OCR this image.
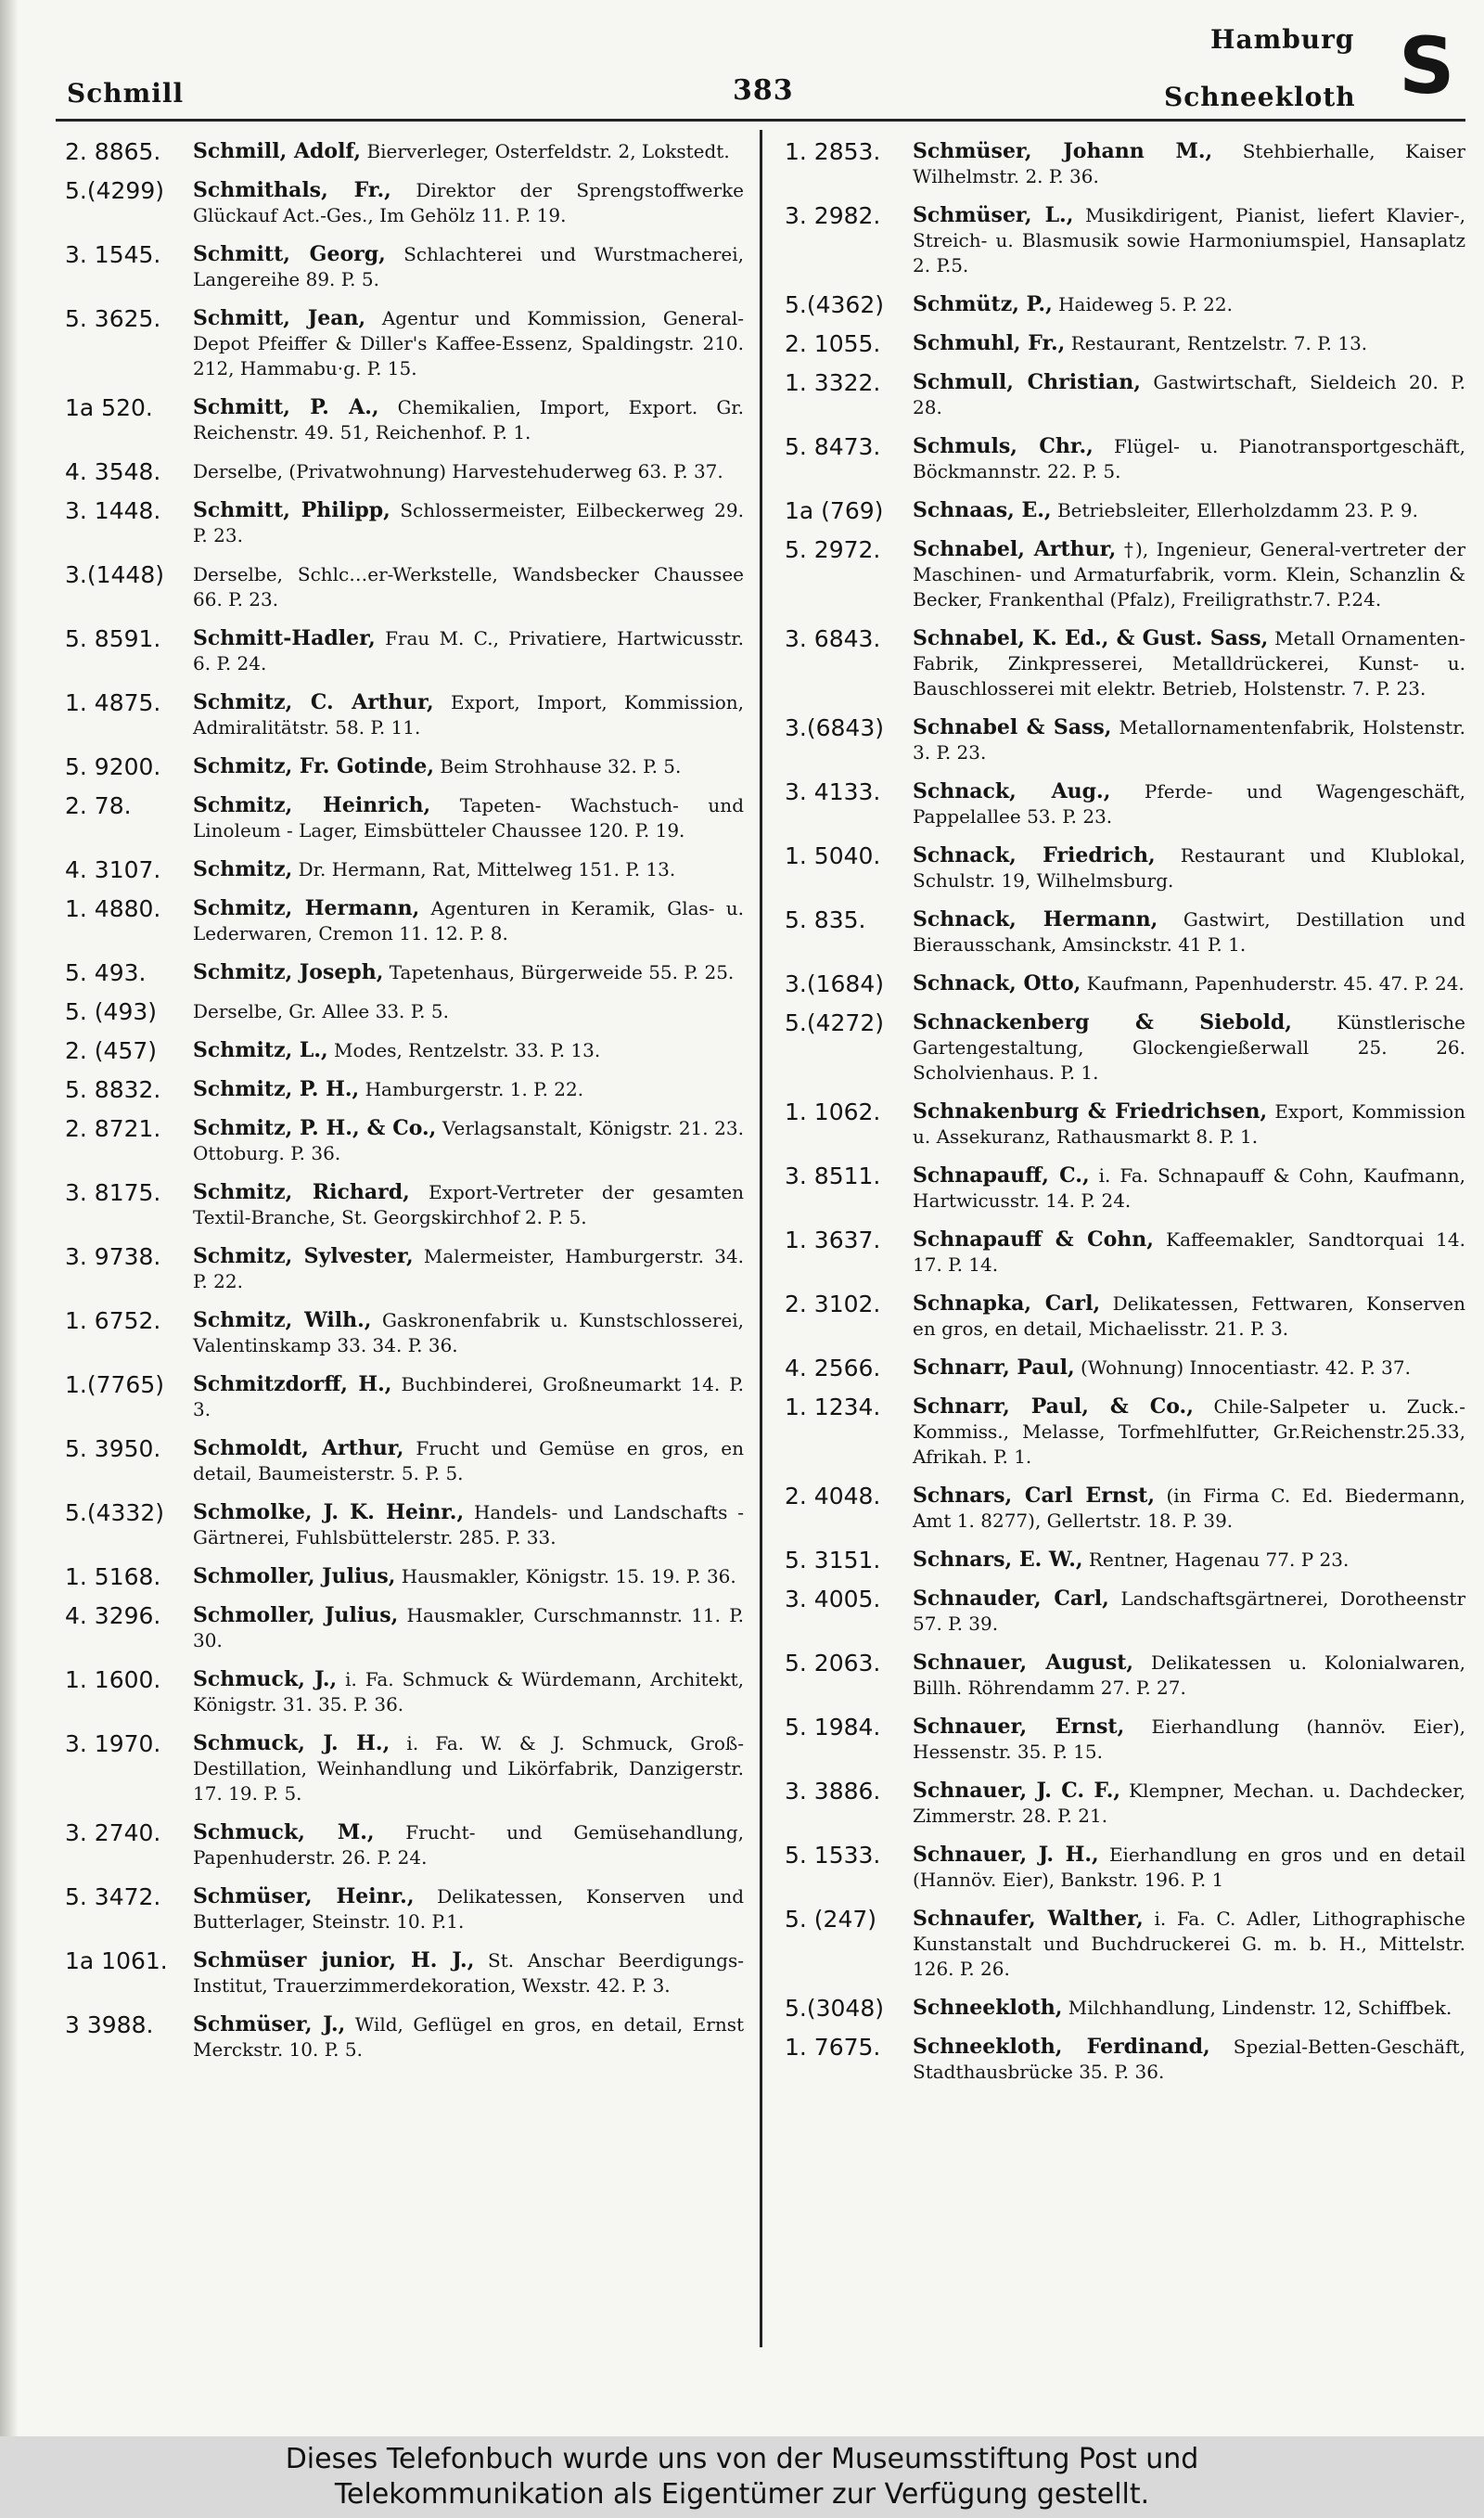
Schmill	383
Hamburg
Schneekloth S
2. 8865.	Schmill, Adolf, Bierverleger, Osterfeldstr. 2, Lokstedt.
5.(4299)	Schmithals, Fr., Direktor der Sprengstoffwerke Glückauf Act.-Ges., Im Gehölz 11. P. 19.
3. 1545.	Schmitt, Georg, Schlachterei und Wurstmacherei, Langereihe 89. P. 5.
5. 3625.	Schmitt, Jean, Agentur und Kommission, General-Depot Pfeiffer & Diller's Kaffee-Essenz, Spaldingstr. 210. 212, Hammabu·g. P. 15.
1a 520.	Schmitt, P. A., Chemikalien, Import, Export. Gr. Reichenstr. 49. 51, Reichenhof. P. 1.
4. 3548.	Derselbe, (Privatwohnung) Harvestehuderweg 63. P. 37.
3. 1448.	Schmitt, Philipp, Schlossermeister, Eilbeckerweg 29. P. 23.
3.(1448)	Derselbe, Schlc…er-Werkstelle, Wandsbecker Chaussee 66. P. 23.
5. 8591.	Schmitt-Hadler, Frau M. C., Privatiere, Hartwicusstr. 6. P. 24.
1. 4875.	Schmitz, C. Arthur, Export, Import, Kommission, Admiralitätstr. 58. P. 11.
5. 9200.	Schmitz, Fr. Gotinde, Beim Strohhause 32. P. 5.
2. 78.	Schmitz, Heinrich, Tapeten- Wachstuch- und Linoleum - Lager, Eimsbütteler Chaussee 120. P. 19.
4. 3107.	Schmitz, Dr. Hermann, Rat, Mittelweg 151. P. 13.
1. 4880.	Schmitz, Hermann, Agenturen in Keramik, Glas- u. Lederwaren, Cremon 11. 12. P. 8.
5. 493.	Schmitz, Joseph, Tapetenhaus, Bürgerweide 55. P. 25.
5. (493)	Derselbe, Gr. Allee 33. P. 5.
2. (457)	Schmitz, L., Modes, Rentzelstr. 33. P. 13.
5. 8832.	Schmitz, P. H., Hamburgerstr. 1. P. 22.
2. 8721.	Schmitz, P. H., & Co., Verlagsanstalt, Königstr. 21. 23. Ottoburg. P. 36.
3. 8175.	Schmitz, Richard, Export-Vertreter der gesamten Textil-Branche, St. Georgskirchhof 2. P. 5.
3. 9738.	Schmitz, Sylvester, Malermeister, Hamburgerstr. 34. P. 22.
1. 6752.	Schmitz, Wilh., Gaskronenfabrik u. Kunstschlosserei, Valentinskamp 33. 34. P. 36.
1.(7765)	Schmitzdorff, H., Buchbinderei, Großneumarkt 14. P. 3.
5. 3950.	Schmoldt, Arthur, Frucht und Gemüse en gros, en detail, Baumeisterstr. 5. P. 5.
5.(4332)	Schmolke, J. K. Heinr., Handels- und Landschafts - Gärtnerei, Fuhlsbüttelerstr. 285. P. 33.
1. 5168.	Schmoller, Julius, Hausmakler, Königstr. 15. 19. P. 36.
4. 3296.	Schmoller, Julius, Hausmakler, Curschmannstr. 11. P. 30.
1. 1600.	Schmuck, J., i. Fa. Schmuck & Würdemann, Architekt, Königstr. 31. 35. P. 36.
3. 1970.	Schmuck, J. H., i. Fa. W. & J. Schmuck, Groß-Destillation, Weinhandlung und Likörfabrik, Danzigerstr. 17. 19. P. 5.
3. 2740.	Schmuck, M., Frucht- und Gemüsehandlung, Papenhuderstr. 26. P. 24.
5. 3472.	Schmüser, Heinr., Delikatessen, Konserven und Butterlager, Steinstr. 10. P.1.
1a 1061.	Schmüser junior, H. J., St. Anschar Beerdigungs-Institut, Trauerzimmerdekoration, Wexstr. 42. P. 3.
3 3988.	Schmüser, J., Wild, Geflügel en gros, en detail, Ernst Merckstr. 10. P. 5.
1. 2853.	Schmüser, Johann M., Stehbierhalle, Kaiser Wilhelmstr. 2. P. 36.
3. 2982.	Schmüser, L., Musikdirigent, Pianist, liefert Klavier-, Streich- u. Blasmusik sowie Harmoniumspiel, Hansaplatz 2. P.5.
5.(4362)	Schmütz, P., Haideweg 5. P. 22.
2. 1055.	Schmuhl, Fr., Restaurant, Rentzelstr. 7. P. 13.
1. 3322.	Schmull, Christian, Gastwirtschaft, Sieldeich 20. P. 28.
5. 8473.	Schmuls, Chr., Flügel- u. Pianotransportgeschäft, Böckmannstr. 22. P. 5.
1a (769)	Schnaas, E., Betriebsleiter, Ellerholzdamm 23. P. 9.
5. 2972.	Schnabel, Arthur, †), Ingenieur, General-vertreter der Maschinen- und Armaturfabrik, vorm. Klein, Schanzlin & Becker, Frankenthal (Pfalz), Freiligrathstr.7. P.24.
3. 6843.	Schnabel, K. Ed., & Gust. Sass, Metall Ornamenten-Fabrik, Zinkpresserei, Metalldrückerei, Kunst- u. Bauschlosserei mit elektr. Betrieb, Holstenstr. 7. P. 23.
3.(6843)	Schnabel & Sass, Metallornamentenfabrik, Holstenstr. 3. P. 23.
3. 4133.	Schnack, Aug., Pferde- und Wagengeschäft, Pappelallee 53. P. 23.
1. 5040.	Schnack, Friedrich, Restaurant und Klublokal, Schulstr. 19, Wilhelmsburg.
5. 835.	Schnack, Hermann, Gastwirt, Destillation und Bierausschank, Amsinckstr. 41 P. 1.
3.(1684)	Schnack, Otto, Kaufmann, Papenhuderstr. 45. 47. P. 24.
5.(4272)	Schnackenberg & Siebold, Künstlerische Gartengestaltung, Glockengießerwall 25. 26. Scholvienhaus. P. 1.
1. 1062.	Schnakenburg & Friedrichsen, Export, Kommission u. Assekuranz, Rathausmarkt 8. P. 1.
3. 8511.	Schnapauff, C., i. Fa. Schnapauff & Cohn, Kaufmann, Hartwicusstr. 14. P. 24.
1. 3637.	Schnapauff & Cohn, Kaffeemakler, Sandtorquai 14. 17. P. 14.
2. 3102.	Schnapka, Carl, Delikatessen, Fettwaren, Konserven en gros, en detail, Michaelisstr. 21. P. 3.
4. 2566.	Schnarr, Paul, (Wohnung) Innocentiastr. 42. P. 37.
1. 1234.	Schnarr, Paul, & Co., Chile-Salpeter u. Zuck.- Kommiss., Melasse, Torfmehlfutter, Gr.Reichenstr.25.33, Afrikah. P. 1.
2. 4048.	Schnars, Carl Ernst, (in Firma C. Ed. Biedermann, Amt 1. 8277), Gellertstr. 18. P. 39.
5. 3151.	Schnars, E. W., Rentner, Hagenau 77. P 23.
3. 4005.	Schnauder, Carl, Landschaftsgärtnerei, Dorotheenstr 57. P. 39.
5. 2063.	Schnauer, August, Delikatessen u. Kolonialwaren, Billh. Röhrendamm 27. P. 27.
5. 1984.	Schnauer, Ernst, Eierhandlung (hannöv. Eier), Hessenstr. 35. P. 15.
3. 3886.	Schnauer, J. C. F., Klempner, Mechan. u. Dachdecker, Zimmerstr. 28. P. 21.
5. 1533.	Schnauer, J. H., Eierhandlung en gros und en detail (Hannöv. Eier), Bankstr. 196. P. 1
5. (247)	Schnaufer, Walther, i. Fa. C. Adler, Lithographische Kunstanstalt und Buchdruckerei G. m. b. H., Mittelstr. 126. P. 26.
5.(3048)	Schneekloth, Milchhandlung, Lindenstr. 12, Schiffbek.
1. 7675.	Schneekloth, Ferdinand, Spezial-Betten-Geschäft, Stadthausbrücke 35. P. 36.
Dieses Telefonbuch wurde uns von der Museumsstiftung Post und
Telekommunikation als Eigentümer zur Verfügung gestellt.
